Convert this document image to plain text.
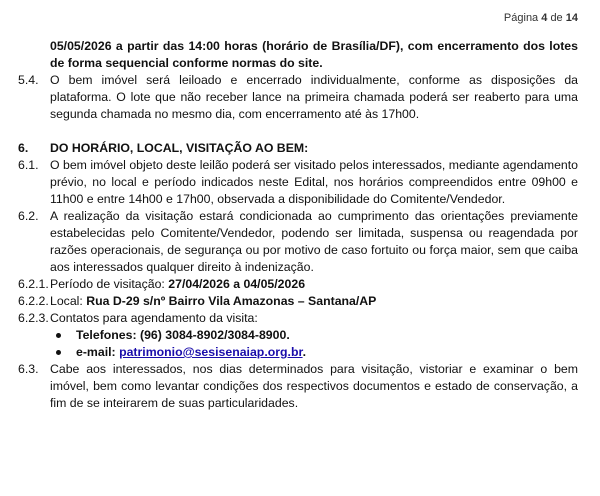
Página 4 de 14
05/05/2026 a partir das 14:00 horas (horário de Brasília/DF), com encerramento dos lotes de forma sequencial conforme normas do site.
5.4. O bem imóvel será leiloado e encerrado individualmente, conforme as disposições da plataforma. O lote que não receber lance na primeira chamada poderá ser reaberto para uma segunda chamada no mesmo dia, com encerramento até às 17h00.
6. DO HORÁRIO, LOCAL, VISITAÇÃO AO BEM:
6.1. O bem imóvel objeto deste leilão poderá ser visitado pelos interessados, mediante agendamento prévio, no local e período indicados neste Edital, nos horários compreendidos entre 09h00 e 11h00 e entre 14h00 e 17h00, observada a disponibilidade do Comitente/Vendedor.
6.2. A realização da visitação estará condicionada ao cumprimento das orientações previamente estabelecidas pelo Comitente/Vendedor, podendo ser limitada, suspensa ou reagendada por razões operacionais, de segurança ou por motivo de caso fortuito ou força maior, sem que caiba aos interessados qualquer direito à indenização.
6.2.1. Período de visitação: 27/04/2026 a 04/05/2026
6.2.2. Local: Rua D-29 s/nº Bairro Vila Amazonas – Santana/AP
6.2.3. Contatos para agendamento da visita:
Telefones: (96) 3084-8902/3084-8900.
e-mail: patrimonio@sesisenaiap.org.br.
6.3. Cabe aos interessados, nos dias determinados para visitação, vistoriar e examinar o bem imóvel, bem como levantar condições dos respectivos documentos e estado de conservação, a fim de se inteirarem de suas particularidades.
